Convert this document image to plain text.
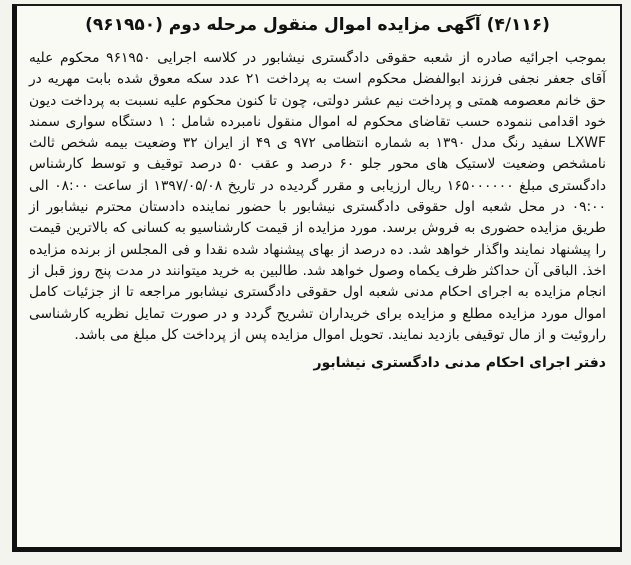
(۴/۱۱۶) آگهی مزایده اموال منقول مرحله دوم (۹۶۱۹۵۰)

بموجب اجرائیه صادره از شعبه حقوقی دادگستری نیشابور در کلاسه اجرایی ۹۶۱۹۵۰ محکوم علیه آقای جعفر نجفی فرزند ابوالفضل محکوم است به پرداخت ۲۱ عدد سکه معوق شده بابت مهریه در حق خانم معصومه همتی و پرداخت نیم عشر دولتی، چون تا کنون محکوم علیه نسبت به پرداخت دیون خود اقدامی ننموده حسب تقاضای محکوم له اموال منقول نامبرده شامل : ۱ دستگاه سواری سمند LXWF سفید رنگ مدل ۱۳۹۰ به شماره انتظامی ۹۷۲ ی ۴۹ از ایران ۳۲ وضعیت بیمه شخص ثالث نامشخص وضعیت لاستیک های محور جلو ۶۰ درصد و عقب ۵۰ درصد توقیف و توسط کارشناس دادگستری مبلغ ۱۶۵۰۰۰۰۰۰ ریال ارزیابی و مقرر گردیده در تاریخ ۱۳۹۷/۰۵/۰۸ از ساعت ۰۸:۰۰ الی ۰۹:۰۰ در محل شعبه اول حقوقی دادگستری نیشابور با حضور نماینده دادستان محترم نیشابور از طریق مزایده حضوری به فروش برسد. مورد مزایده از قیمت کارشناسیو به کسانی که بالاترین قیمت را پیشنهاد نمایند واگذار خواهد شد. ده درصد از بهای پیشنهاد شده نقدا و فی المجلس از برنده مزایده اخذ. الباقی آن حداکثر ظرف یکماه وصول خواهد شد. طالبین به خرید میتوانند در مدت پنج روز قبل از انجام مزایده به اجرای احکام مدنی شعبه اول حقوقی دادگستری نیشابور مراجعه تا از جزئیات کامل اموال مورد مزایده مطلع و مزایده برای خریداران تشریح گردد و در صورت تمایل نظریه کارشناسی راروئیت و از مال توقیفی بازدید نمایند. تحویل اموال مزایده پس از پرداخت کل مبلغ می باشد.

دفتر اجرای احکام مدنی دادگستری نیشابور
